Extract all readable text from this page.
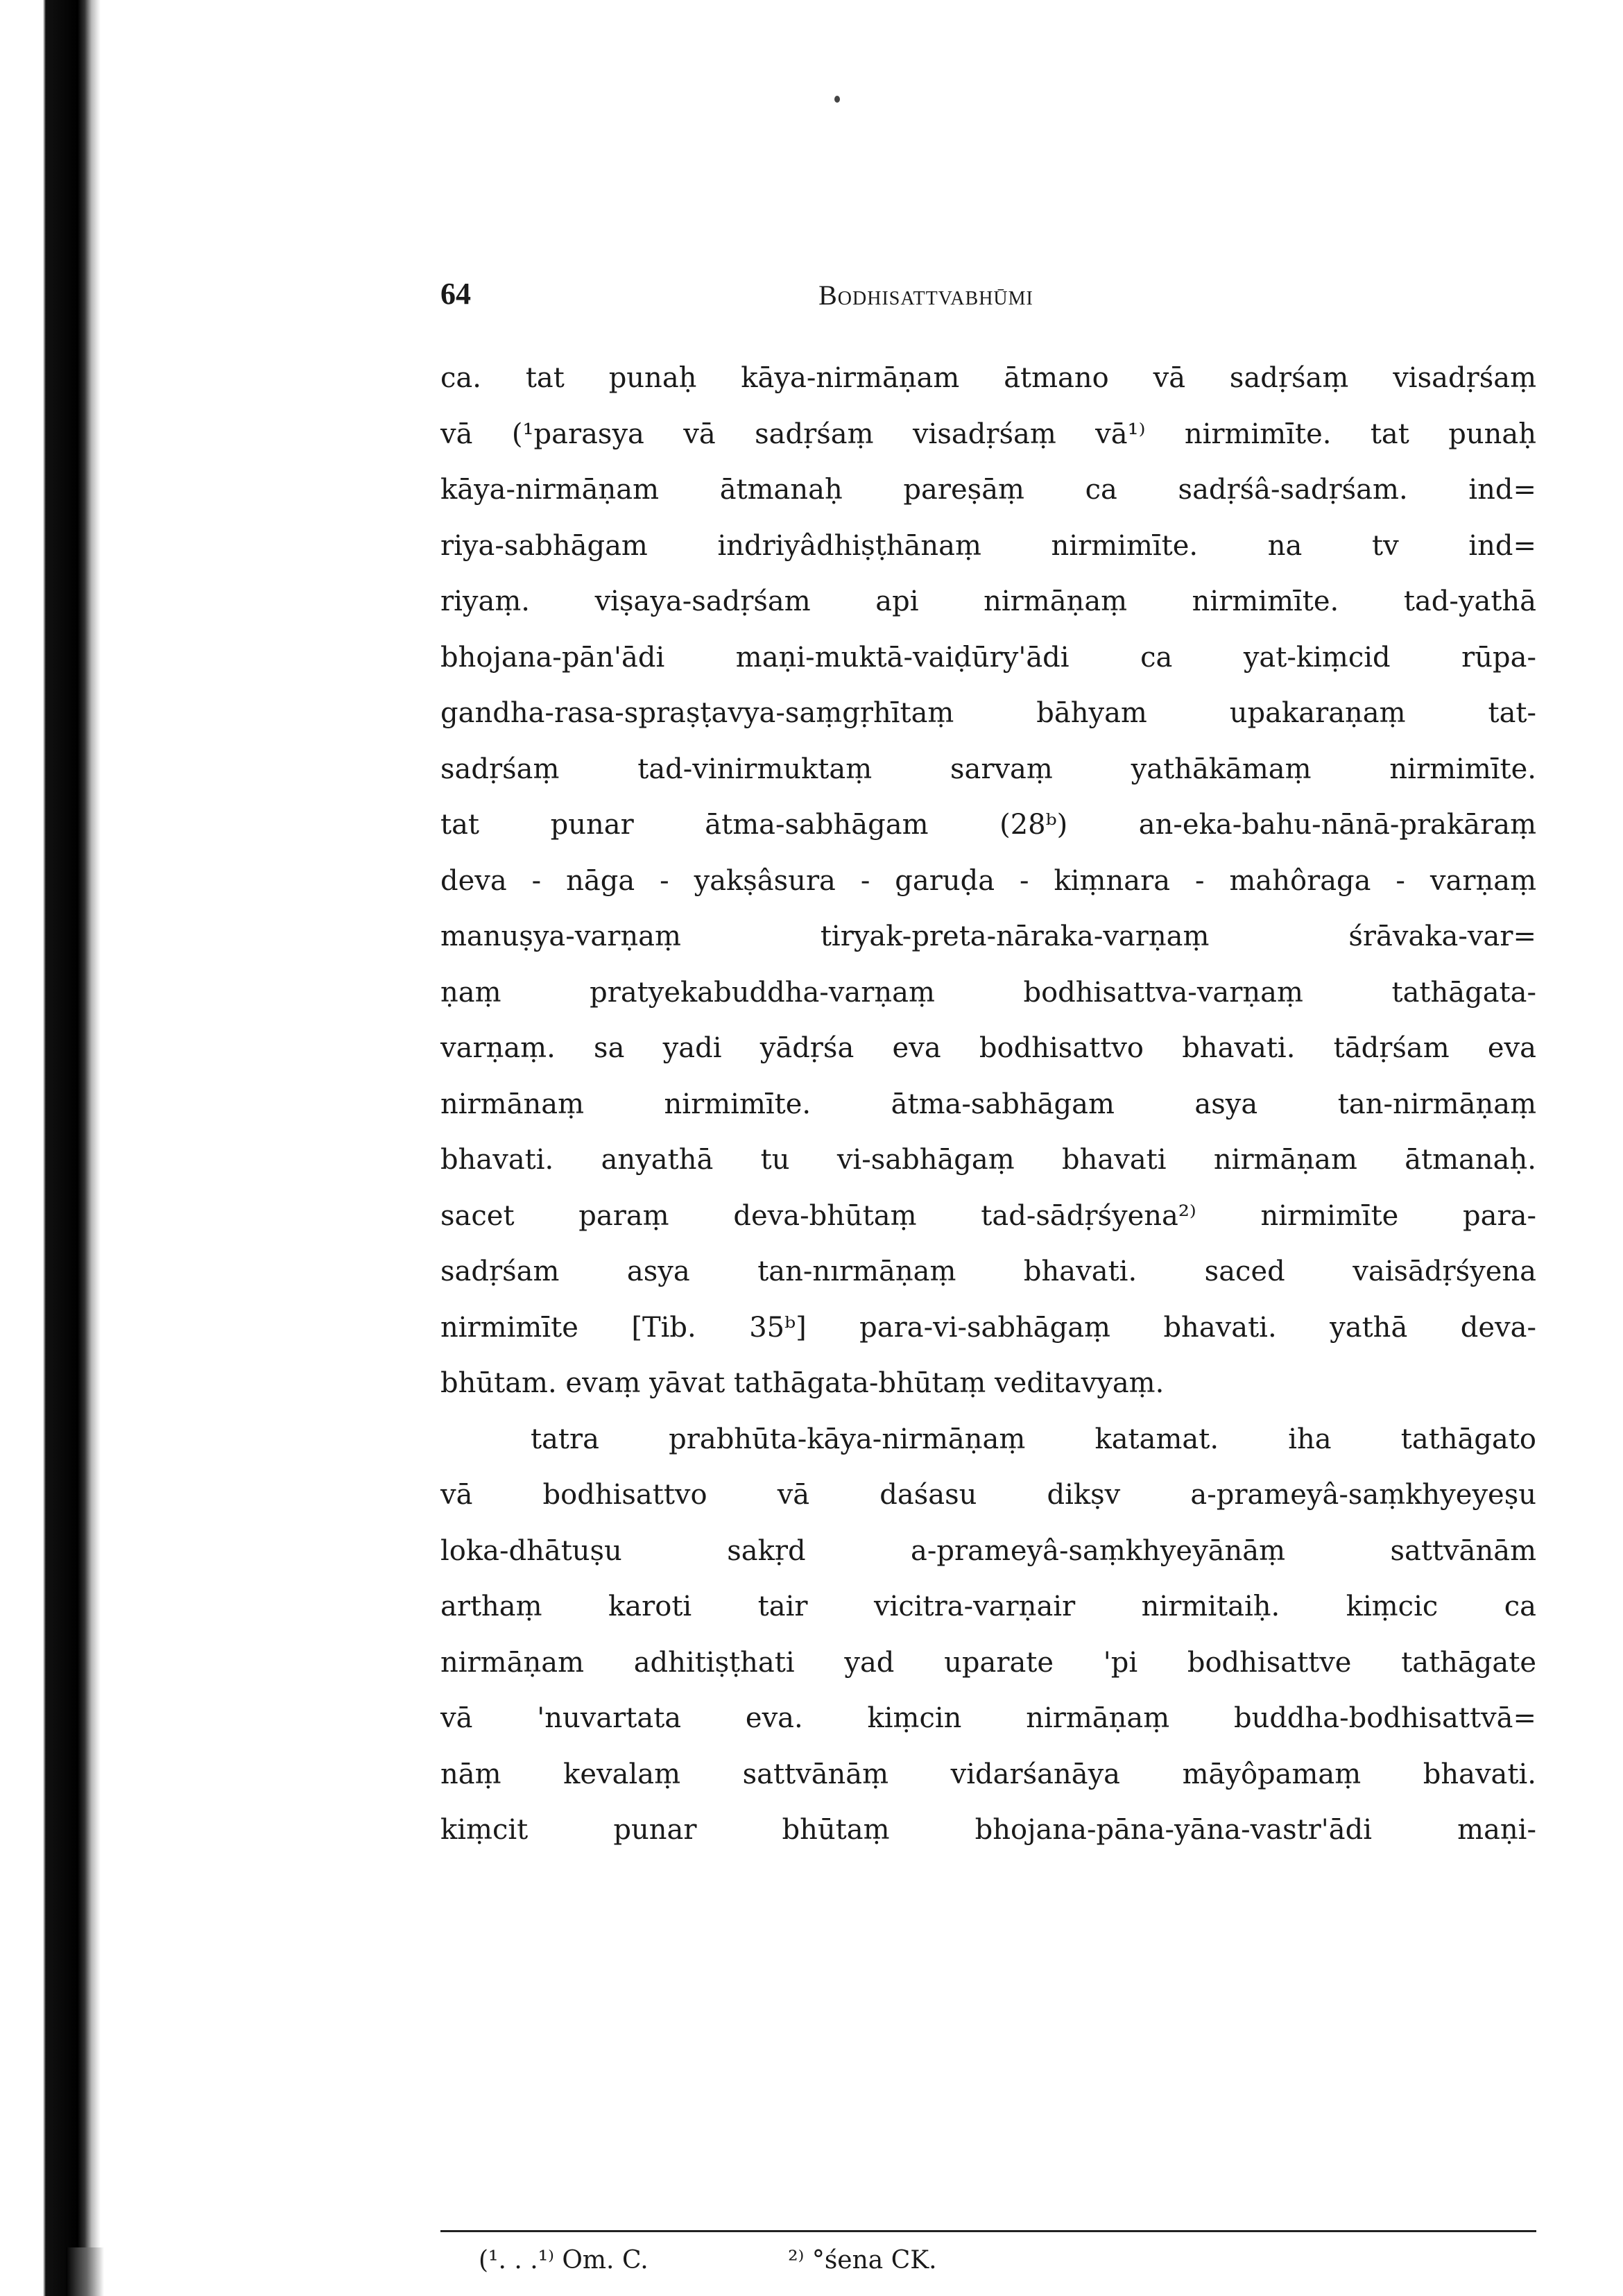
64	Bodhisattvabhūmi
ca. tat punaḥ kāya-nirmāṇam ātmano vā sadṛśaṃ visadṛśaṃ
vā (¹parasya vā sadṛśaṃ visadṛśaṃ vā¹⁾ nirmimīte. tat punaḥ
kāya-nirmāṇam ātmanaḥ pareṣāṃ ca sadṛśâ-sadṛśam. ind=
riya-sabhāgam indriyâdhiṣṭhānaṃ nirmimīte. na tv ind=
riyaṃ. viṣaya-sadṛśam api nirmāṇaṃ nirmimīte. tad-yathā
bhojana-pān'ādi maṇi-muktā-vaiḍūry'ādi ca yat-kiṃcid rūpa-
gandha-rasa-spraṣṭavya-saṃgṛhītaṃ bāhyam upakaraṇaṃ tat-
sadṛśaṃ tad-vinirmuktaṃ sarvaṃ yathākāmaṃ nirmimīte.
tat punar ātma-sabhāgam (28ᵇ) an-eka-bahu-nānā-prakāraṃ
deva - nāga - yakṣâsura - garuḍa - kiṃnara - mahôraga - varṇaṃ
manuṣya-varṇaṃ tiryak-preta-nāraka-varṇaṃ śrāvaka-var=
ṇaṃ pratyekabuddha-varṇaṃ bodhisattva-varṇaṃ tathāgata-
varṇaṃ. sa yadi yādṛśa eva bodhisattvo bhavati. tādṛśam eva
nirmānaṃ nirmimīte. ātma-sabhāgam asya tan-nirmāṇaṃ
bhavati. anyathā tu vi-sabhāgaṃ bhavati nirmāṇam ātmanaḥ.
sacet paraṃ deva-bhūtaṃ tad-sādṛśyena²⁾ nirmimīte para-
sadṛśam asya tan-nırmāṇaṃ bhavati. saced vaisādṛśyena
nirmimīte [Tib. 35ᵇ] para-vi-sabhāgaṃ bhavati. yathā deva-
bhūtam. evaṃ yāvat tathāgata-bhūtaṃ veditavyaṃ.
tatra prabhūta-kāya-nirmāṇaṃ katamat. iha tathāgato
vā bodhisattvo vā daśasu dikṣv a-prameyâ-saṃkhyeyeṣu
loka-dhātuṣu sakṛd a-prameyâ-saṃkhyeyānāṃ sattvānām
arthaṃ karoti tair vicitra-varṇair nirmitaiḥ. kiṃcic ca
nirmāṇam adhitiṣṭhati yad uparate 'pi bodhisattve tathāgate
vā 'nuvartata eva. kiṃcin nirmāṇaṃ buddha-bodhisattvā=
nāṃ kevalaṃ sattvānāṃ vidarśanāya māyôpamaṃ bhavati.
kiṃcit punar bhūtaṃ bhojana-pāna-yāna-vastr'ādi maṇi-
(¹. . .¹⁾ Om. C.	²⁾ °śena CK.
